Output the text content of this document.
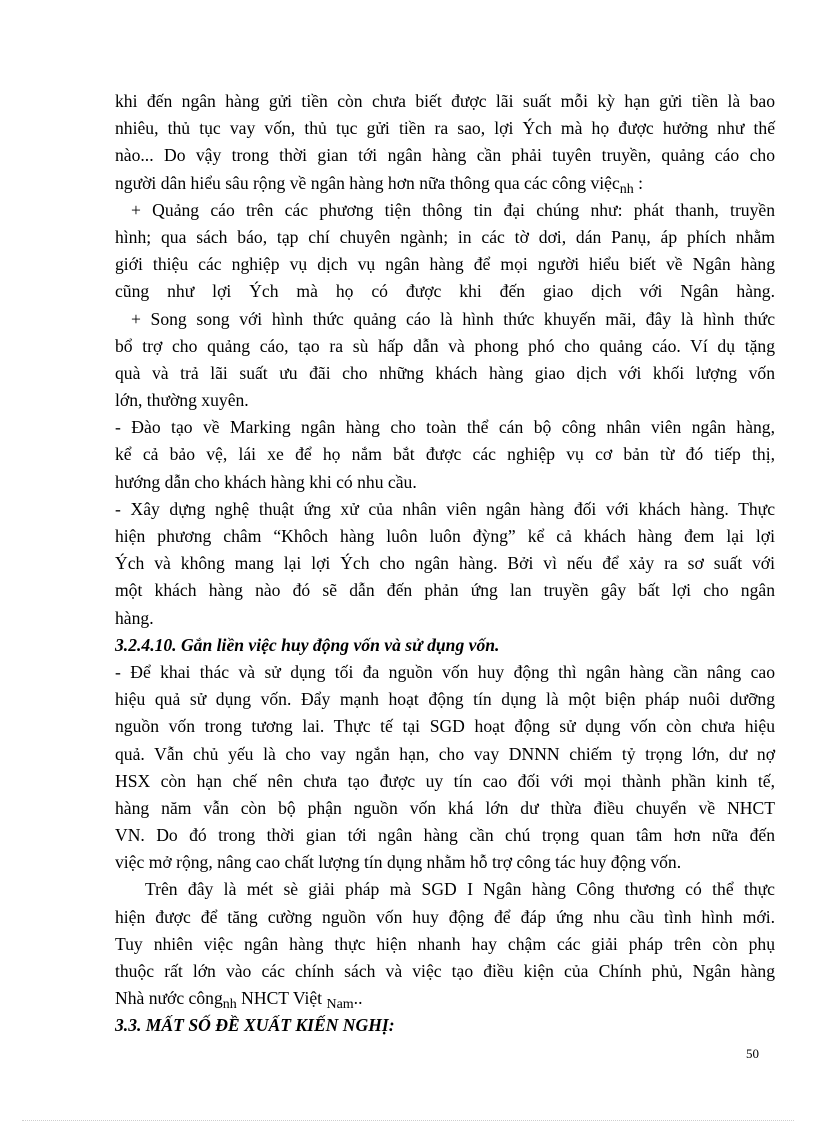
khi đến ngân hàng gửi tiền còn chưa biết được lãi suất mỗi kỳ hạn gửi tiền là bao
nhiêu, thủ tục vay vốn, thủ tục gửi tiền ra sao, lợi Ých mà họ được hưởng như thế
nào... Do vậy trong thời gian tới ngân hàng cần phải tuyên truyền, quảng cáo cho
người dân hiểu sâu rộng về ngân hàng hơn nữa thông qua các công việc$_{nh}$ :
+ Quảng cáo trên các phương tiện thông tin đại chúng như: phát thanh, truyền
hình; qua sách báo, tạp chí chuyên ngành; in các tờ dơi, dán Panụ, áp phích nhằm
giới thiệu các nghiệp vụ dịch vụ ngân hàng để mọi người hiểu biết về Ngân hàng
cũng như lợi Ých mà họ có được khi đến giao dịch với Ngân hàng.
+ Song song với hình thức quảng cáo là hình thức khuyến mãi, đây là hình thức
bổ trợ cho quảng cáo, tạo ra sù hấp dẫn và phong phó cho quảng cáo. Ví dụ tặng
quà và trả lãi suất ưu đãi cho những khách hàng giao dịch với khối lượng vốn
lớn, thường xuyên.
- Đào tạo về Marking ngân hàng cho toàn thể cán bộ công nhân viên ngân hàng,
kể cả bảo vệ, lái xe để họ nắm bắt được các nghiệp vụ cơ bản từ đó tiếp thị,
hướng dẫn cho khách hàng khi có nhu cầu.
- Xây dựng nghệ thuật ứng xử của nhân viên ngân hàng đối với khách hàng. Thực
hiện phương châm “Khôch hàng luôn luôn đỳng” kể cả khách hàng đem lại lợi
Ých và không mang lại lợi Ých cho ngân hàng. Bởi vì nếu để xảy ra sơ suất với
một khách hàng nào đó sẽ dẫn đến phản ứng lan truyền gây bất lợi cho ngân
hàng.
3.2.4.10. Gắn liền việc huy động vốn và sử dụng vốn.
- Để khai thác và sử dụng tối đa nguồn vốn huy động thì ngân hàng cần nâng cao
hiệu quả sử dụng vốn. Đẩy mạnh hoạt động tín dụng là một biện pháp nuôi dưỡng
nguồn vốn trong tương lai. Thực tế tại SGD hoạt động sử dụng vốn còn chưa hiệu
quả. Vẫn chủ yếu là cho vay ngắn hạn, cho vay DNNN chiếm tỷ trọng lớn, dư nợ
HSX còn hạn chế nên chưa tạo được uy tín cao đối với mọi thành phần kinh tế,
hàng năm vẫn còn bộ phận nguồn vốn khá lớn dư thừa điều chuyển về NHCT
VN. Do đó trong thời gian tới ngân hàng cần chú trọng quan tâm hơn nữa đến
việc mở rộng, nâng cao chất lượng tín dụng nhằm hỗ trợ công tác huy động vốn.
Trên đây là mét sè giải pháp mà SGD I Ngân hàng Công thương có thể thực
hiện được để tăng cường nguồn vốn huy động để đáp ứng nhu cầu tình hình mới.
Tuy nhiên việc ngân hàng thực hiện nhanh hay chậm các giải pháp trên còn phụ
thuộc rất lớn vào các chính sách và việc tạo điều kiện của Chính phủ, Ngân hàng
Nhà nước công$_{nh}$ NHCT Việt $_{Nam}$..
3.3. MẤT SỐ ĐỀ XUẤT KIẾN NGHỊ:
50
